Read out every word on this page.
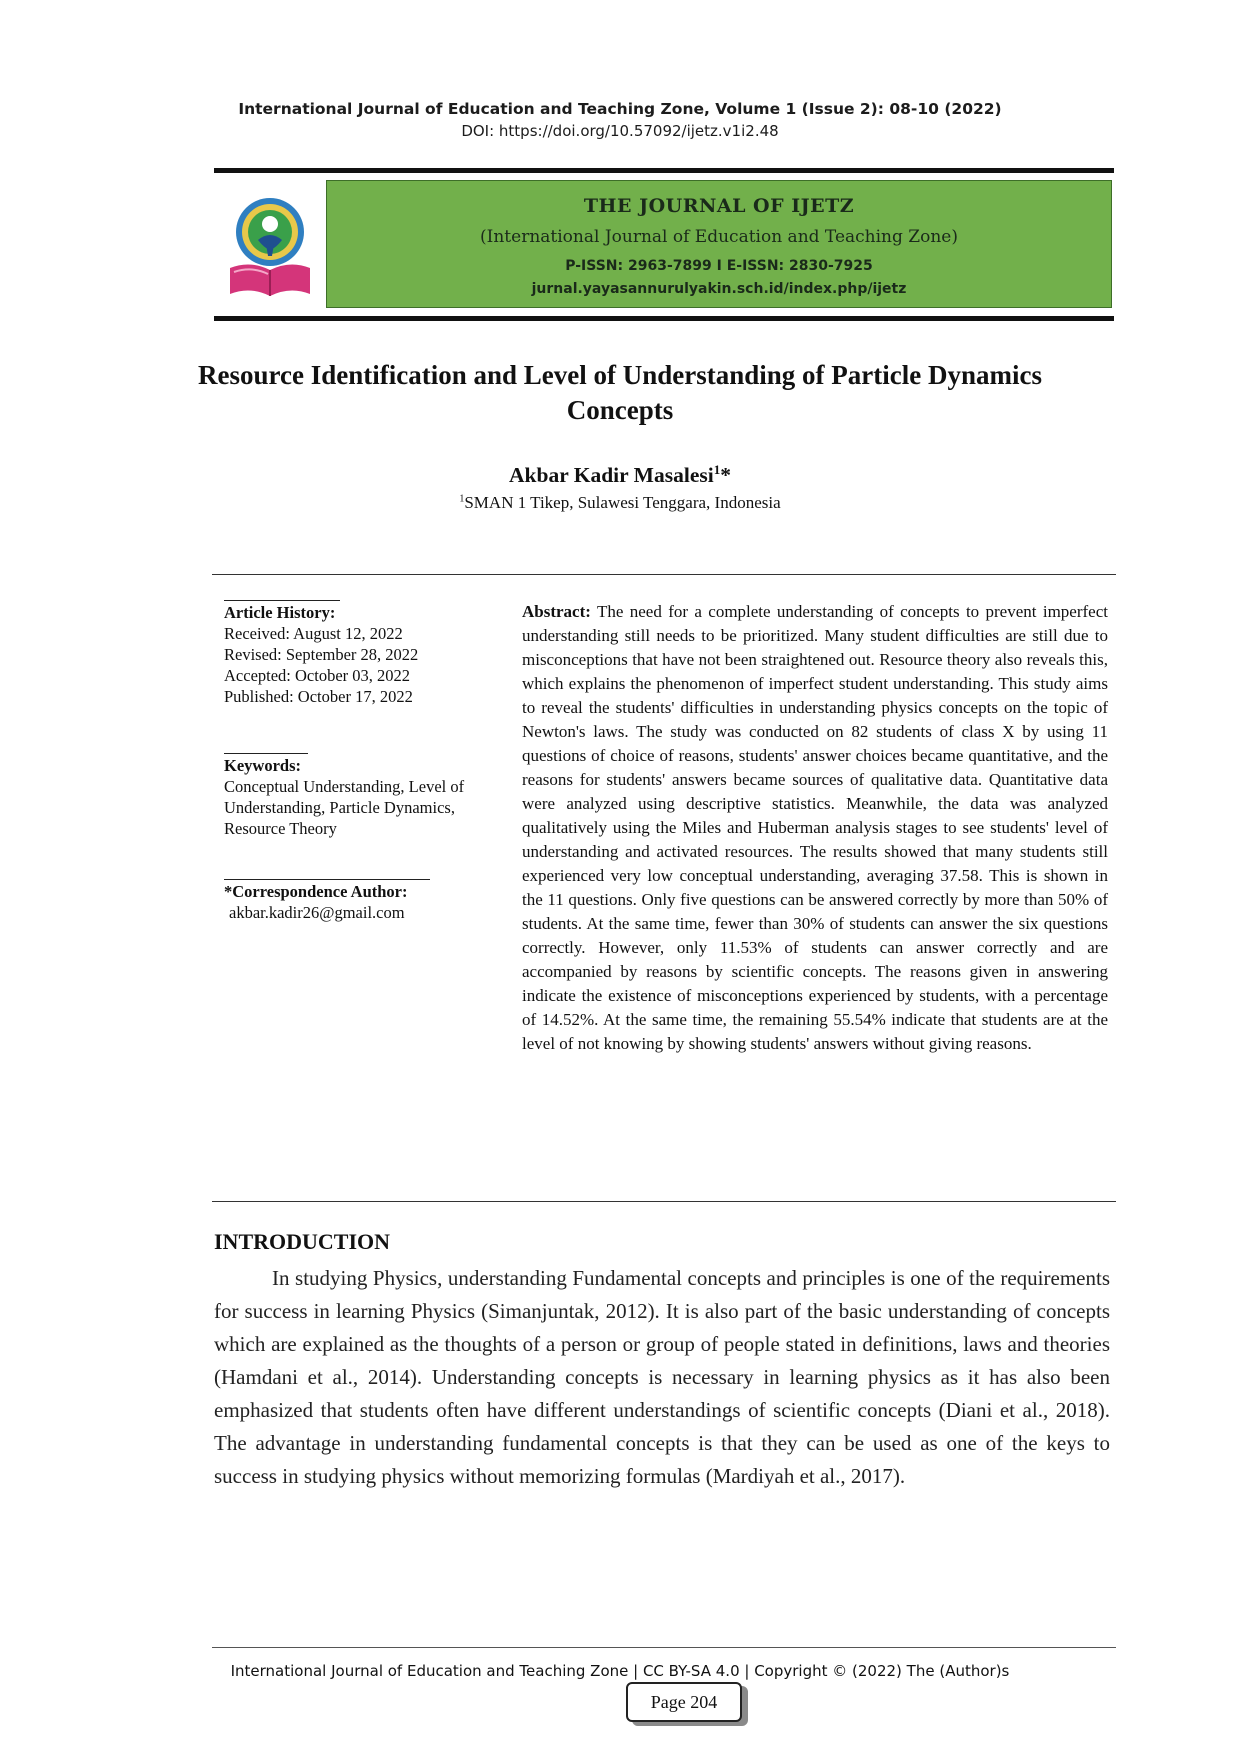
International Journal of Education and Teaching Zone, Volume 1 (Issue 2): 08-10 (2022)
DOI: https://doi.org/10.57092/ijetz.v1i2.48
THE JOURNAL OF IJETZ
(International Journal of Education and Teaching Zone)
P-ISSN: 2963-7899 I E-ISSN: 2830-7925
jurnal.yayasannurulyakin.sch.id/index.php/ijetz
Resource Identification and Level of Understanding of Particle Dynamics Concepts
Akbar Kadir Masalesi$^1$*
$^1$SMAN 1 Tikep, Sulawesi Tenggara, Indonesia
Article History:
Received: August 12, 2022
Revised: September 28, 2022
Accepted: October 03, 2022
Published: October 17, 2022
Keywords:
Conceptual Understanding, Level of
Understanding, Particle Dynamics,
Resource Theory
*Correspondence Author:
akbar.kadir26@gmail.com
Abstract: The need for a complete understanding of concepts to prevent imperfect understanding still needs to be prioritized. Many student difficulties are still due to misconceptions that have not been straightened out. Resource theory also reveals this, which explains the phenomenon of imperfect student understanding. This study aims to reveal the students' difficulties in understanding physics concepts on the topic of Newton's laws. The study was conducted on 82 students of class X by using 11 questions of choice of reasons, students' answer choices became quantitative, and the reasons for students' answers became sources of qualitative data. Quantitative data were analyzed using descriptive statistics. Meanwhile, the data was analyzed qualitatively using the Miles and Huberman analysis stages to see students' level of understanding and activated resources. The results showed that many students still experienced very low conceptual understanding, averaging 37.58. This is shown in the 11 questions. Only five questions can be answered correctly by more than 50% of students. At the same time, fewer than 30% of students can answer the six questions correctly. However, only 11.53% of students can answer correctly and are accompanied by reasons by scientific concepts. The reasons given in answering indicate the existence of misconceptions experienced by students, with a percentage of 14.52%. At the same time, the remaining 55.54% indicate that students are at the level of not knowing by showing students' answers without giving reasons.
INTRODUCTION
In studying Physics, understanding Fundamental concepts and principles is one of the requirements for success in learning Physics (Simanjuntak, 2012). It is also part of the basic understanding of concepts which are explained as the thoughts of a person or group of people stated in definitions, laws and theories (Hamdani et al., 2014). Understanding concepts is necessary in learning physics as it has also been emphasized that students often have different understandings of scientific concepts (Diani et al., 2018). The advantage in understanding fundamental concepts is that they can be used as one of the keys to success in studying physics without memorizing formulas (Mardiyah et al., 2017).
International Journal of Education and Teaching Zone | CC BY-SA 4.0 | Copyright © (2022) The (Author)s
Page 204
